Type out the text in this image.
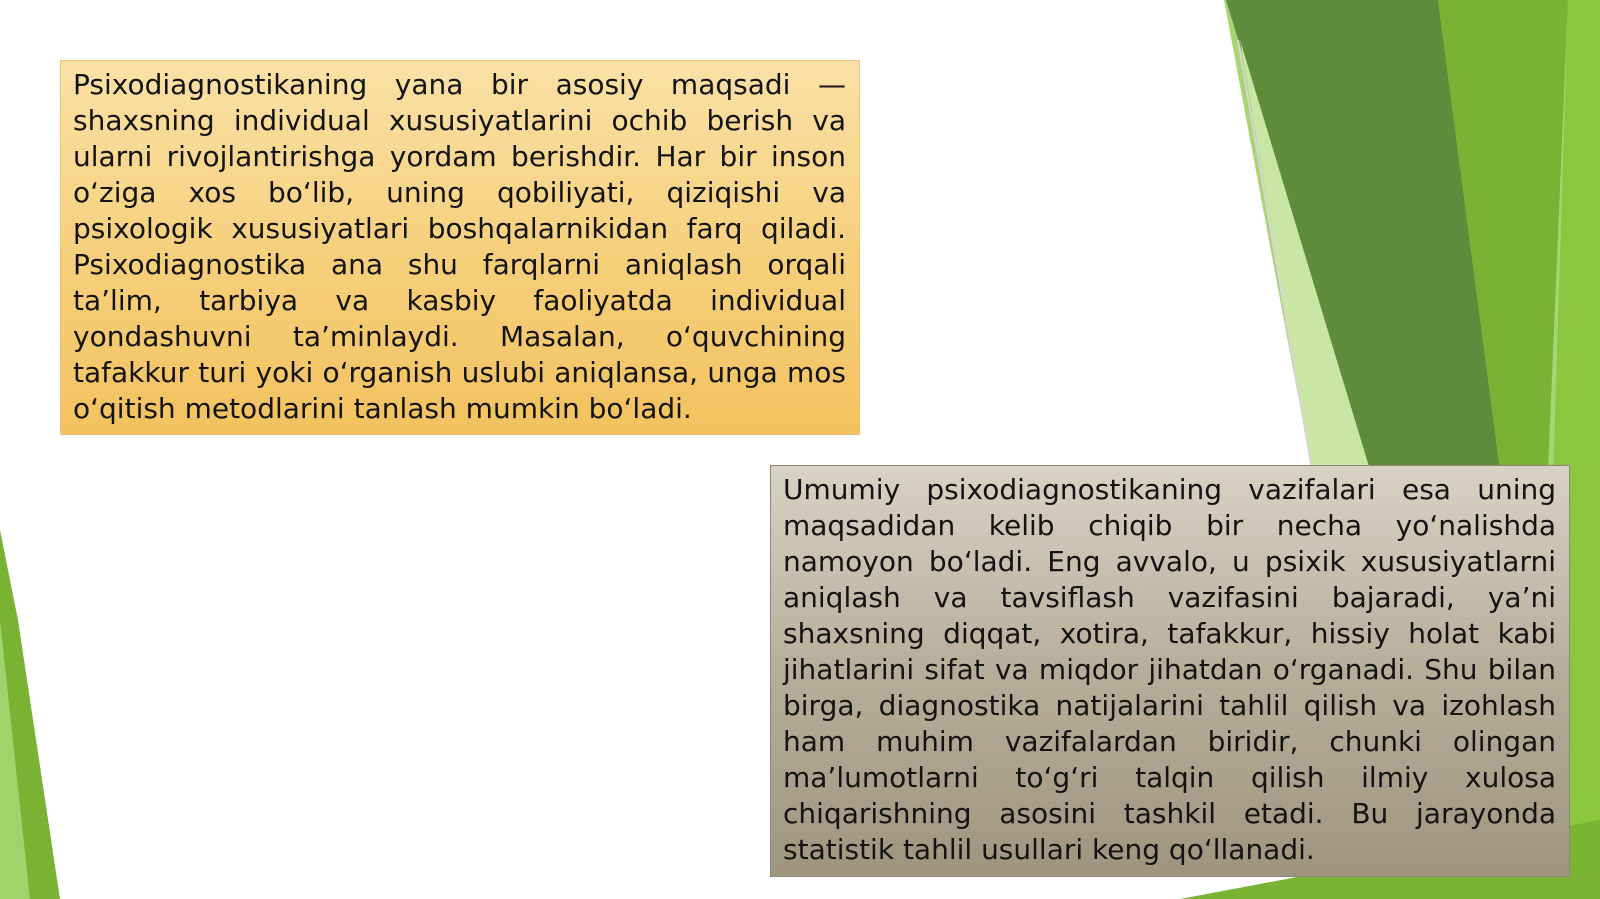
Psixodiagnostikaning yana bir asosiy maqsadi — shaxsning individual xususiyatlarini ochib berish va ularni rivojlantirishga yordam berishdir. Har bir inson o‘ziga xos bo‘lib, uning qobiliyati, qiziqishi va psixologik xususiyatlari boshqalarnikidan farq qiladi. Psixodiagnostika ana shu farqlarni aniqlash orqali ta’lim, tarbiya va kasbiy faoliyatda individual yondashuvni ta’minlaydi. Masalan, o‘quvchining tafakkur turi yoki o‘rganish uslubi aniqlansa, unga mos o‘qitish metodlarini tanlash mumkin bo‘ladi.

Umumiy psixodiagnostikaning vazifalari esa uning maqsadidan kelib chiqib bir necha yo‘nalishda namoyon bo‘ladi. Eng avvalo, u psixik xususiyatlarni aniqlash va tavsiflash vazifasini bajaradi, ya’ni shaxsning diqqat, xotira, tafakkur, hissiy holat kabi jihatlarini sifat va miqdor jihatdan o‘rganadi. Shu bilan birga, diagnostika natijalarini tahlil qilish va izohlash ham muhim vazifalardan biridir, chunki olingan ma’lumotlarni to‘g‘ri talqin qilish ilmiy xulosa chiqarishning asosini tashkil etadi. Bu jarayonda statistik tahlil usullari keng qo‘llanadi.
